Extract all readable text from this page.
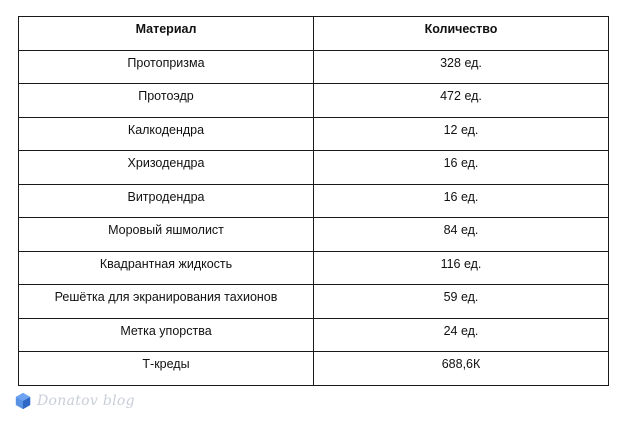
Материал	Количество
Протопризма	328 ед.
Протоэдр	472 ед.
Калкодендра	12 ед.
Хризодендра	16 ед.
Витродендра	16 ед.
Моровый яшмолист	84 ед.
Квадрантная жидкость	116 ед.
Решётка для экранирования тахионов	59 ед.
Метка упорства	24 ед.
Т-креды	688,6К
Donatov blog
